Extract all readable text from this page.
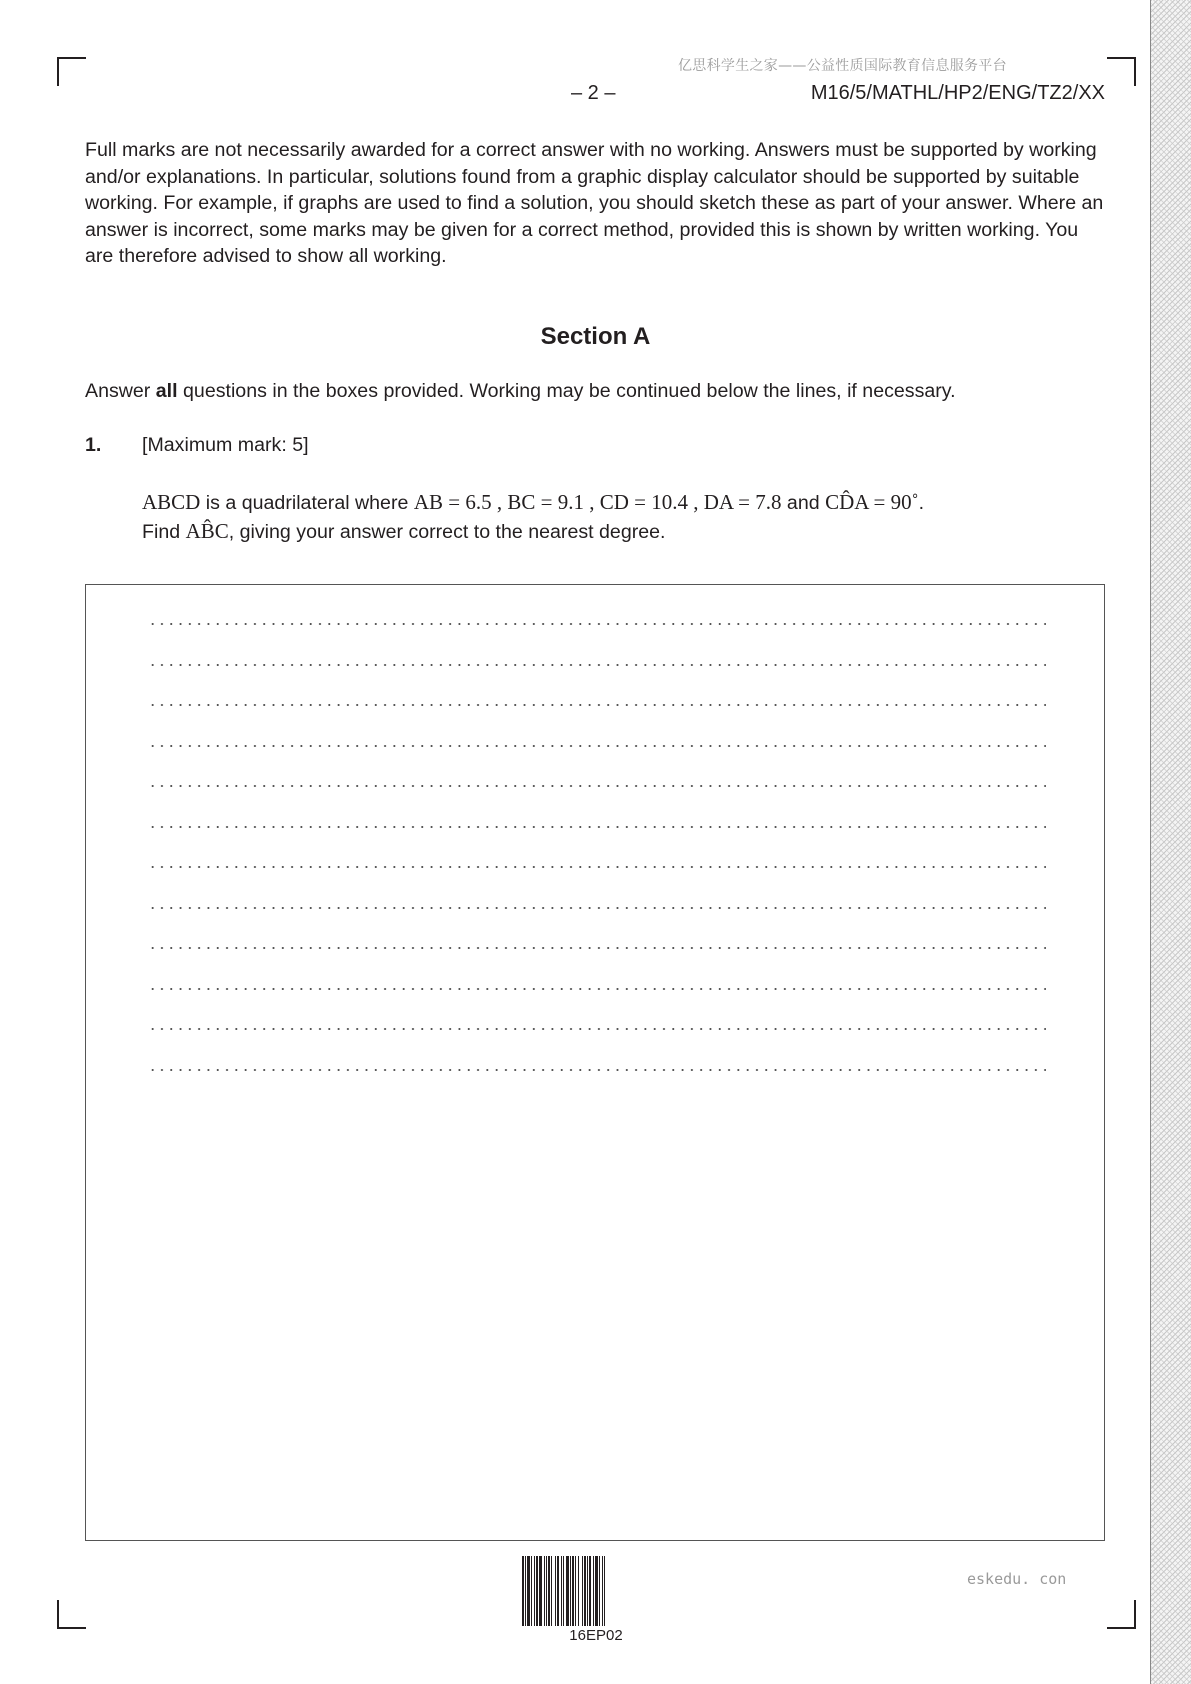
亿思科学生之家——公益性质国际教育信息服务平台
– 2 –	M16/5/MATHL/HP2/ENG/TZ2/XX

Full marks are not necessarily awarded for a correct answer with no working. Answers must be supported by working and/or explanations. In particular, solutions found from a graphic display calculator should be supported by suitable working. For example, if graphs are used to find a solution, you should sketch these as part of your answer. Where an answer is incorrect, some marks may be given for a correct method, provided this is shown by written working. You are therefore advised to show all working.

Section A
Answer all questions in the boxes provided. Working may be continued below the lines, if necessary.
1. [Maximum mark: 5]
ABCD is a quadrilateral where AB = 6.5 , BC = 9.1 , CD = 10.4 , DA = 7.8 and CD̂A = 90˚.
Find AB̂C, giving your answer correct to the nearest degree.
16EP02
eskedu. con
